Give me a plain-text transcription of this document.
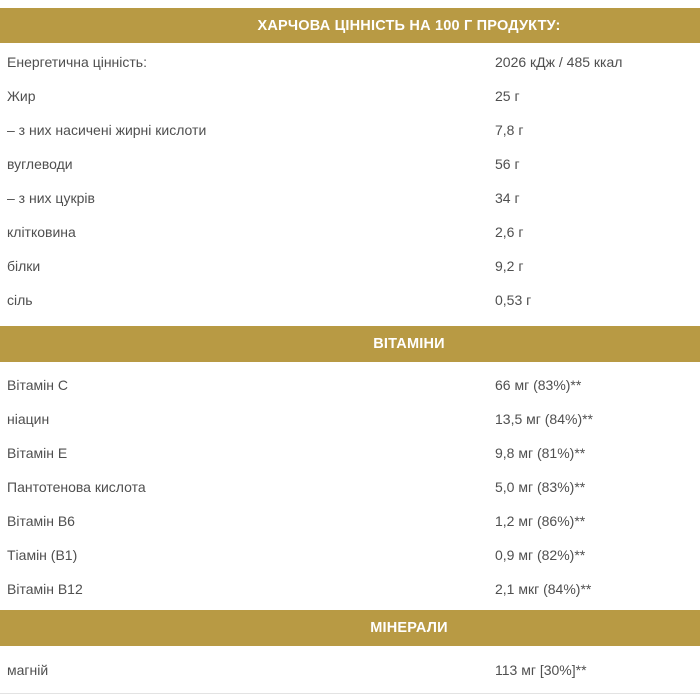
ХАРЧОВА ЦІННІСТЬ НА 100 Г ПРОДУКТУ:
Енергетична цінність:	2026 кДж / 485 ккал
Жир	25 г
– з них насичені жирні кислоти	7,8 г
вуглеводи	56 г
– з них цукрів	34 г
клітковина	2,6 г
білки	9,2 г
сіль	0,53 г
ВІТАМІНИ
Вітамін C	66 мг (83%)**
ніацин	13,5 мг (84%)**
Вітамін E	9,8 мг (81%)**
Пантотенова кислота	5,0 мг (83%)**
Вітамін B6	1,2 мг (86%)**
Тіамін (B1)	0,9 мг (82%)**
Вітамін B12	2,1 мкг (84%)**
МІНЕРАЛИ
магній	113 мг [30%]**
